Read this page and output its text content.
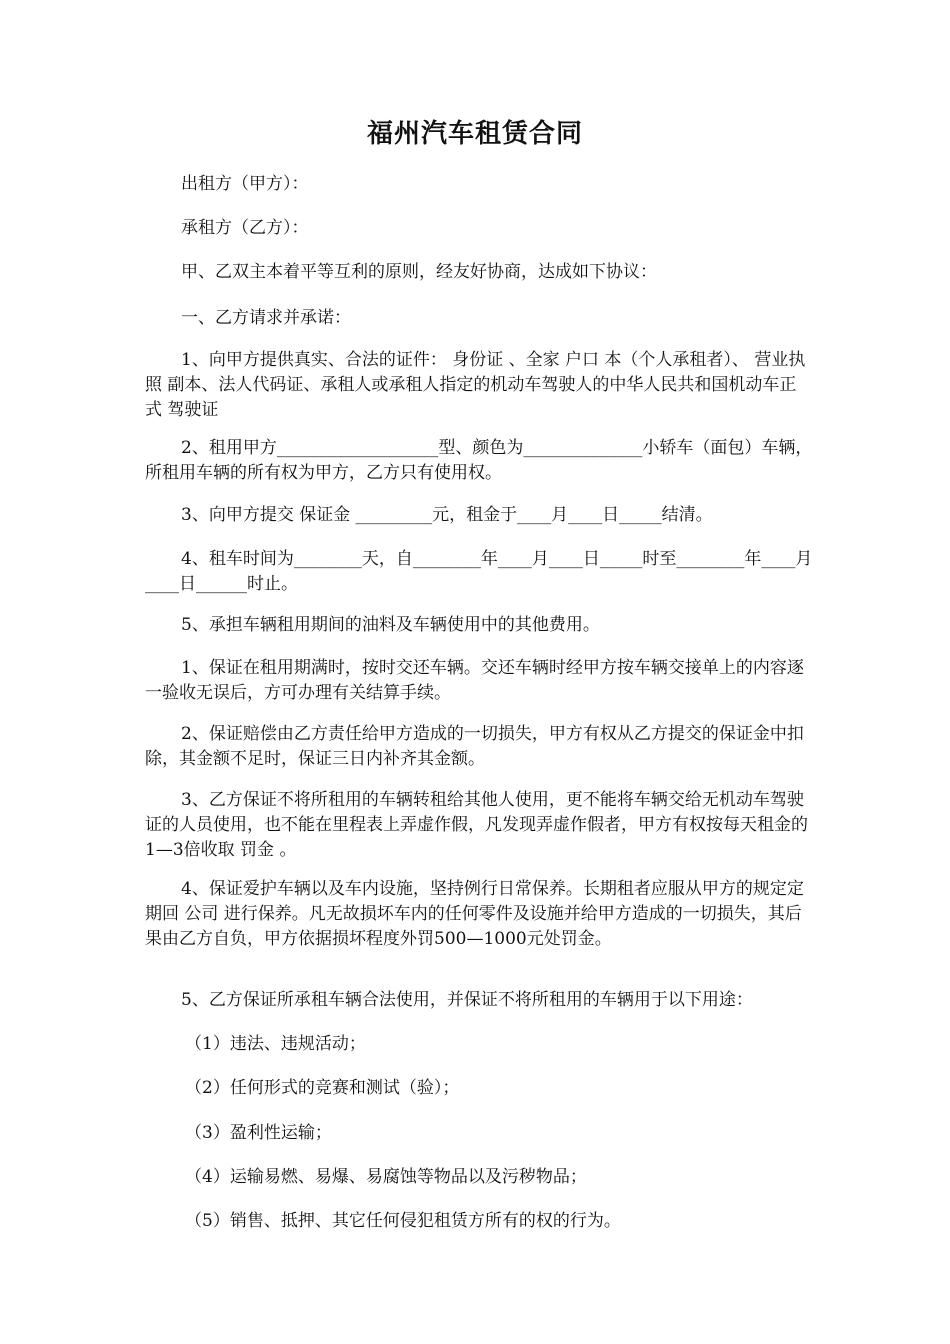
福州汽车租赁合同

出租方（甲方）：

承租方（乙方）：

甲、乙双主本着平等互利的原则，经友好协商，达成如下协议：

一、乙方请求并承诺：

1、向甲方提供真实、合法的证件： 身份证 、全家 户口 本（个人承租者）、 营业执照 副本、法人代码证、承租人或承租人指定的机动车驾驶人的中华人民共和国机动车正式 驾驶证

2、租用甲方___________________型、颜色为______________小轿车（面包）车辆，所租用车辆的所有权为甲方，乙方只有使用权。

3、向甲方提交 保证金 _________元，租金于____月____日_____结清。

4、租车时间为________天，自________年____月____日_____时至________年____月____日______时止。

5、承担车辆租用期间的油料及车辆使用中的其他费用。

1、保证在租用期满时，按时交还车辆。交还车辆时经甲方按车辆交接单上的内容逐一验收无误后，方可办理有关结算手续。

2、保证赔偿由乙方责任给甲方造成的一切损失，甲方有权从乙方提交的保证金中扣除，其金额不足时，保证三日内补齐其金额。

3、乙方保证不将所租用的车辆转租给其他人使用，更不能将车辆交给无机动车驾驶证的人员使用，也不能在里程表上弄虚作假，凡发现弄虚作假者，甲方有权按每天租金的1—3倍收取 罚金 。

4、保证爱护车辆以及车内设施，坚持例行日常保养。长期租者应服从甲方的规定定期回 公司 进行保养。凡无故损坏车内的任何零件及设施并给甲方造成的一切损失，其后果由乙方自负，甲方依据损坏程度外罚500—1000元处罚金。

5、乙方保证所承租车辆合法使用，并保证不将所租用的车辆用于以下用途：

（1）违法、违规活动；

（2）任何形式的竞赛和测试（验）；

（3）盈利性运输；

（4）运输易燃、易爆、易腐蚀等物品以及污秽物品；

（5）销售、抵押、其它任何侵犯租赁方所有的权的行为。
